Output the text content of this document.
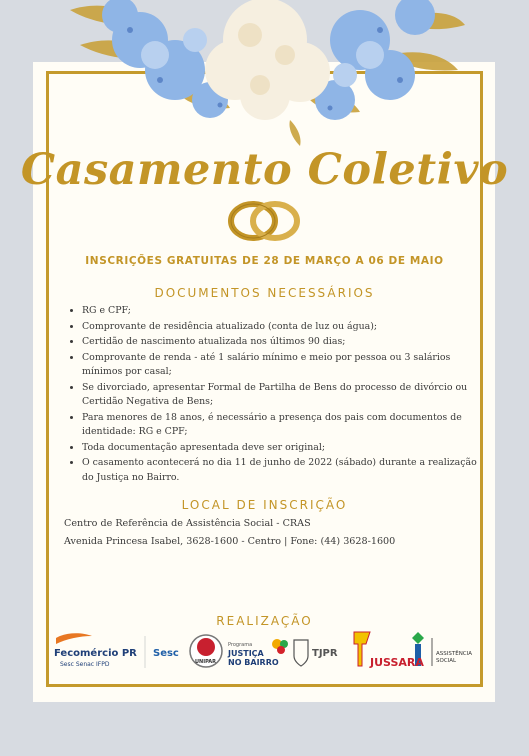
Casamento Coletivo
INSCRIÇÕES GRATUITAS DE 28 DE MARÇO A 06 DE MAIO
DOCUMENTOS NECESSÁRIOS
• RG e CPF;
• Comprovante de residência atualizado (conta de luz ou água);
• Certidão de nascimento atualizada nos últimos 90 dias;
• Comprovante de renda - até 1 salário mínimo e meio por pessoa ou 3 salários mínimos por casal;
• Se divorciado, apresentar Formal de Partilha de Bens do processo de divórcio ou Certidão Negativa de Bens;
• Para menores de 18 anos, é necessário a presença dos pais com documentos de identidade: RG e CPF;
• Toda documentação apresentada deve ser original;
• O casamento acontecerá no dia 11 de junho de 2022 (sábado) durante a realização do Justiça no Bairro.
LOCAL DE INSCRIÇÃO
Centro de Referência de Assistência Social - CRAS
Avenida Princesa Isabel, 3628-1600 - Centro | Fone: (44) 3628-1600
REALIZAÇÃO
Fecomércio PR
Sesc Senac IFPD
Sesc
UNIPAR
Programa
JUSTIÇA
NO BAIRRO
TJPR
JUSSARA
ASSISTÊNCIA
SOCIAL
